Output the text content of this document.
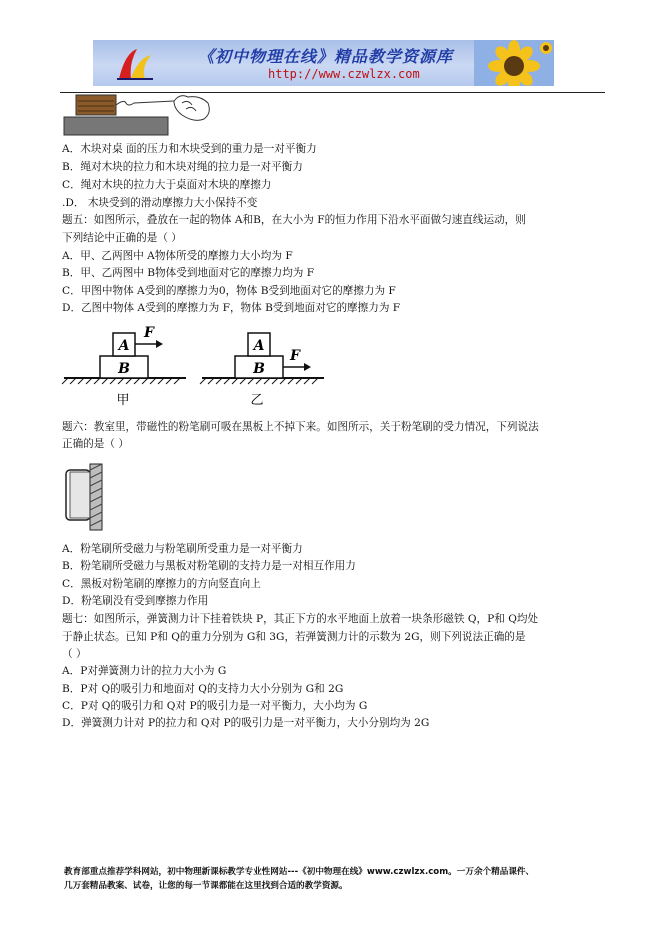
《初中物理在线》精品教学资源库
http://www.czwlzx.com
A．木块对桌 面的压力和木块受到的重力是一对平衡力
B．绳对木块的拉力和木块对绳的拉力是一对平衡力
C．绳对木块的拉力大于桌面对木块的摩擦力
.D． 木块受到的滑动摩擦力大小保持不变
题五：如图所示，叠放在一起的物体 A和B，在大小为 F的恒力作用下沿水平面做匀速直线运动，则
下列结论中正确的是（ ）
A．甲、乙两图中 A物体所受的摩擦力大小均为 F
B．甲、乙两图中 B物体受到地面对它的摩擦力均为 F
C．甲图中物体 A受到的摩擦力为0，物体 B受到地面对它的摩擦力为 F
D．乙图中物体 A受到的摩擦力为 F，物体 B受到地面对它的摩擦力为 F
A
B
F
甲
A
B
F
乙
题六：教室里，带磁性的粉笔刷可吸在黑板上不掉下来。如图所示，关于粉笔刷的受力情况，下列说法
正确的是（ ）
A．粉笔刷所受磁力与粉笔刷所受重力是一对平衡力
B．粉笔刷所受磁力与黑板对粉笔刷的支持力是一对相互作用力
C．黑板对粉笔刷的摩擦力的方向竖直向上
D．粉笔刷没有受到摩擦力作用
题七：如图所示，弹簧测力计下挂着铁块 P，其正下方的水平地面上放着一块条形磁铁 Q，P和 Q均处
于静止状态。已知 P和 Q的重力分别为 G和 3G，若弹簧测力计的示数为 2G，则下列说法正确的是
（ ）
A．P对弹簧测力计的拉力大小为 G
B．P对 Q的吸引力和地面对 Q的支持力大小分别为 G和 2G
C．P对 Q的吸引力和 Q对 P的吸引力是一对平衡力，大小均为 G
D．弹簧测力计对 P的拉力和 Q对 P的吸引力是一对平衡力，大小分别均为 2G
教育部重点推荐学科网站，初中物理新课标教学专业性网站---《初中物理在线》www.czwlzx.com。一万余个精品课件、
几万套精品教案、试卷，让您的每一节课都能在这里找到合适的教学资源。
